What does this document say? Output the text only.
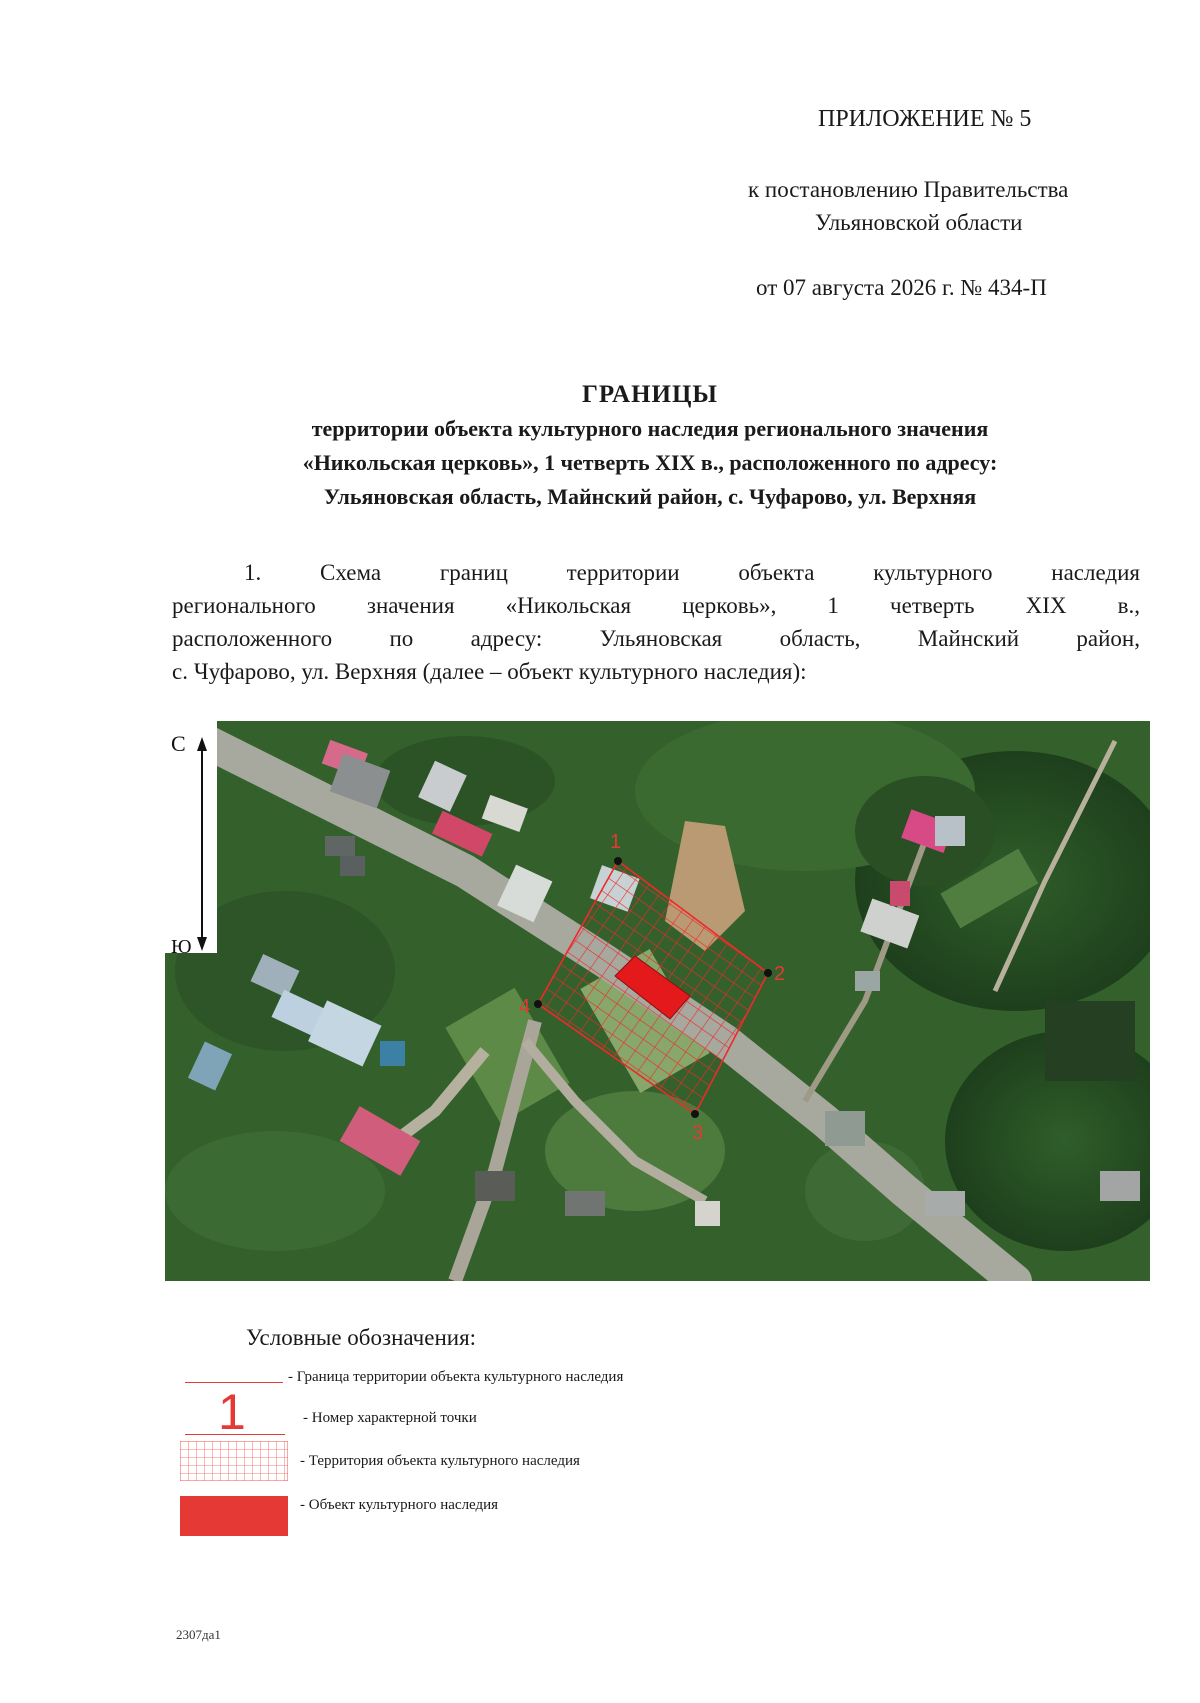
ПРИЛОЖЕНИЕ № 5
к постановлению Правительства
Ульяновской области
от 07 августа 2026 г. № 434-П
ГРАНИЦЫ
территории объекта культурного наследия регионального значения
«Никольская церковь», 1 четверть XIX в., расположенного по адресу:
Ульяновская область, Майнский район, с. Чуфарово, ул. Верхняя
1. Схема границ территории объекта культурного наследия
регионального значения «Никольская церковь», 1 четверть XIX в.,
расположенного по адресу: Ульяновская область, Майнский район,
с. Чуфарово, ул. Верхняя (далее – объект культурного наследия):
1
2
3
4
С
Ю
Условные обозначения:
- Граница территории объекта культурного наследия
1	- Номер характерной точки
- Территория объекта культурного наследия
- Объект культурного наследия
2307да1
